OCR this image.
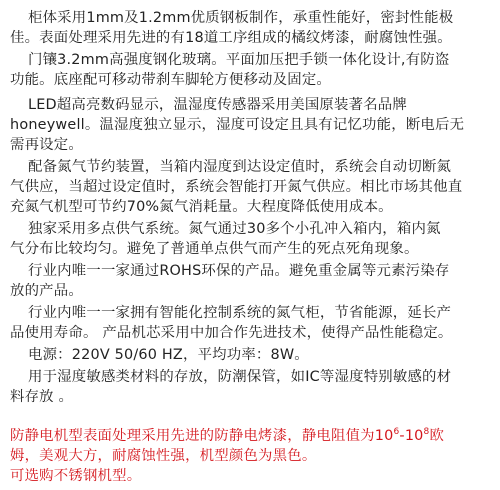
柜体采用1mm及1.2mm优质钢板制作，承重性能好，密封性能极
佳。表面处理采用先进的有18道工序组成的橘纹烤漆，耐腐蚀性强。
门镶3.2mm高强度钢化玻璃。平面加压把手锁一体化设计,有防盗
功能。底座配可移动带刹车脚轮方便移动及固定。
LED超高亮数码显示，温湿度传感器采用美国原装著名品牌
honeywell。温湿度独立显示，湿度可设定且具有记忆功能，断电后无
需再设定。
配备氮气节约装置，当箱内湿度到达设定值时，系统会自动切断氮
气供应，当超过设定值时，系统会智能打开氮气供应。相比市场其他直
充氮气机型可节约70%氮气消耗量。大程度降低使用成本。
独家采用多点供气系统。氮气通过30多个小孔冲入箱内，箱内氮
气分布比较均匀。避免了普通单点供气而产生的死点死角现象。
行业内唯一一家通过ROHS环保的产品。避免重金属等元素污染存
放的产品。
行业内唯一一家拥有智能化控制系统的氮气柜，节省能源，延长产
品使用寿命。 产品机芯采用中加合作先进技术，使得产品性能稳定。
电源：220V 50/60 HZ，平均功率：8W。
用于湿度敏感类材料的存放，防潮保管，如IC等湿度特别敏感的材
料存放 。
防静电机型表面处理采用先进的防静电烤漆，静电阻值为$10^6-10^8$欧
姆，美观大方，耐腐蚀性强，机型颜色为黑色。
可选购不锈钢机型。
